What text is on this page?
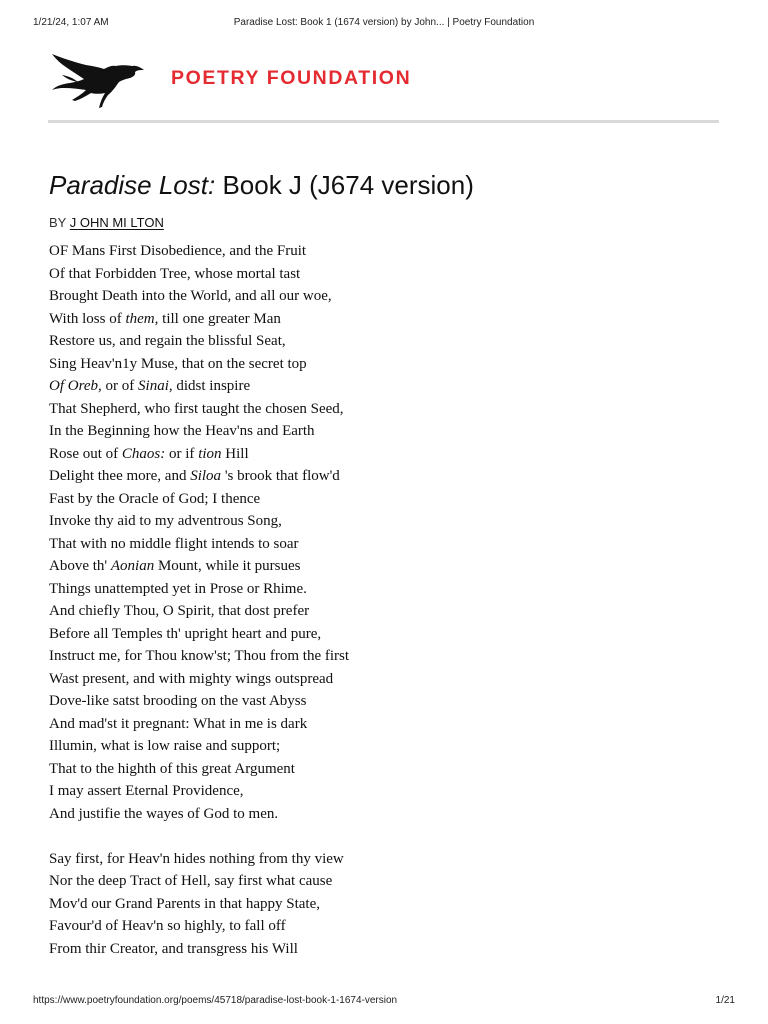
1/21/24, 1:07 AM	Paradise Lost: Book 1 (1674 version) by John... | Poetry Foundation
POETRY FOUNDATION
Paradise Lost: Book J (J674 version)
BY J OHN MI LTON
OF Mans First Disobedience, and the Fruit
Of that Forbidden Tree, whose mortal tast
Brought Death into the World, and all our woe,
With loss of them, till one greater Man
Restore us, and regain the blissful Seat,
Sing Heav'n1y Muse, that on the secret top
Of Oreb, or of Sinai, didst inspire
That Shepherd, who first taught the chosen Seed,
In the Beginning how the Heav'ns and Earth
Rose out of Chaos: or if tion Hill
Delight thee more, and Siloa 's brook that flow'd
Fast by the Oracle of God; I thence
Invoke thy aid to my adventrous Song,
That with no middle flight intends to soar
Above th' Aonian Mount, while it pursues
Things unattempted yet in Prose or Rhime.
And chiefly Thou, O Spirit, that dost prefer
Before all Temples th' upright heart and pure,
Instruct me, for Thou know'st; Thou from the first
Wast present, and with mighty wings outspread
Dove-like satst brooding on the vast Abyss
And mad'st it pregnant: What in me is dark
Illumin, what is low raise and support;
That to the highth of this great Argument
I may assert Eternal Providence,
And justifie the wayes of God to men.
Say first, for Heav'n hides nothing from thy view
Nor the deep Tract of Hell, say first what cause
Mov'd our Grand Parents in that happy State,
Favour'd of Heav'n so highly, to fall off
From thir Creator, and transgress his Will
https://www.poetryfoundation.org/poems/45718/paradise-lost-book-1-1674-version	1/21
